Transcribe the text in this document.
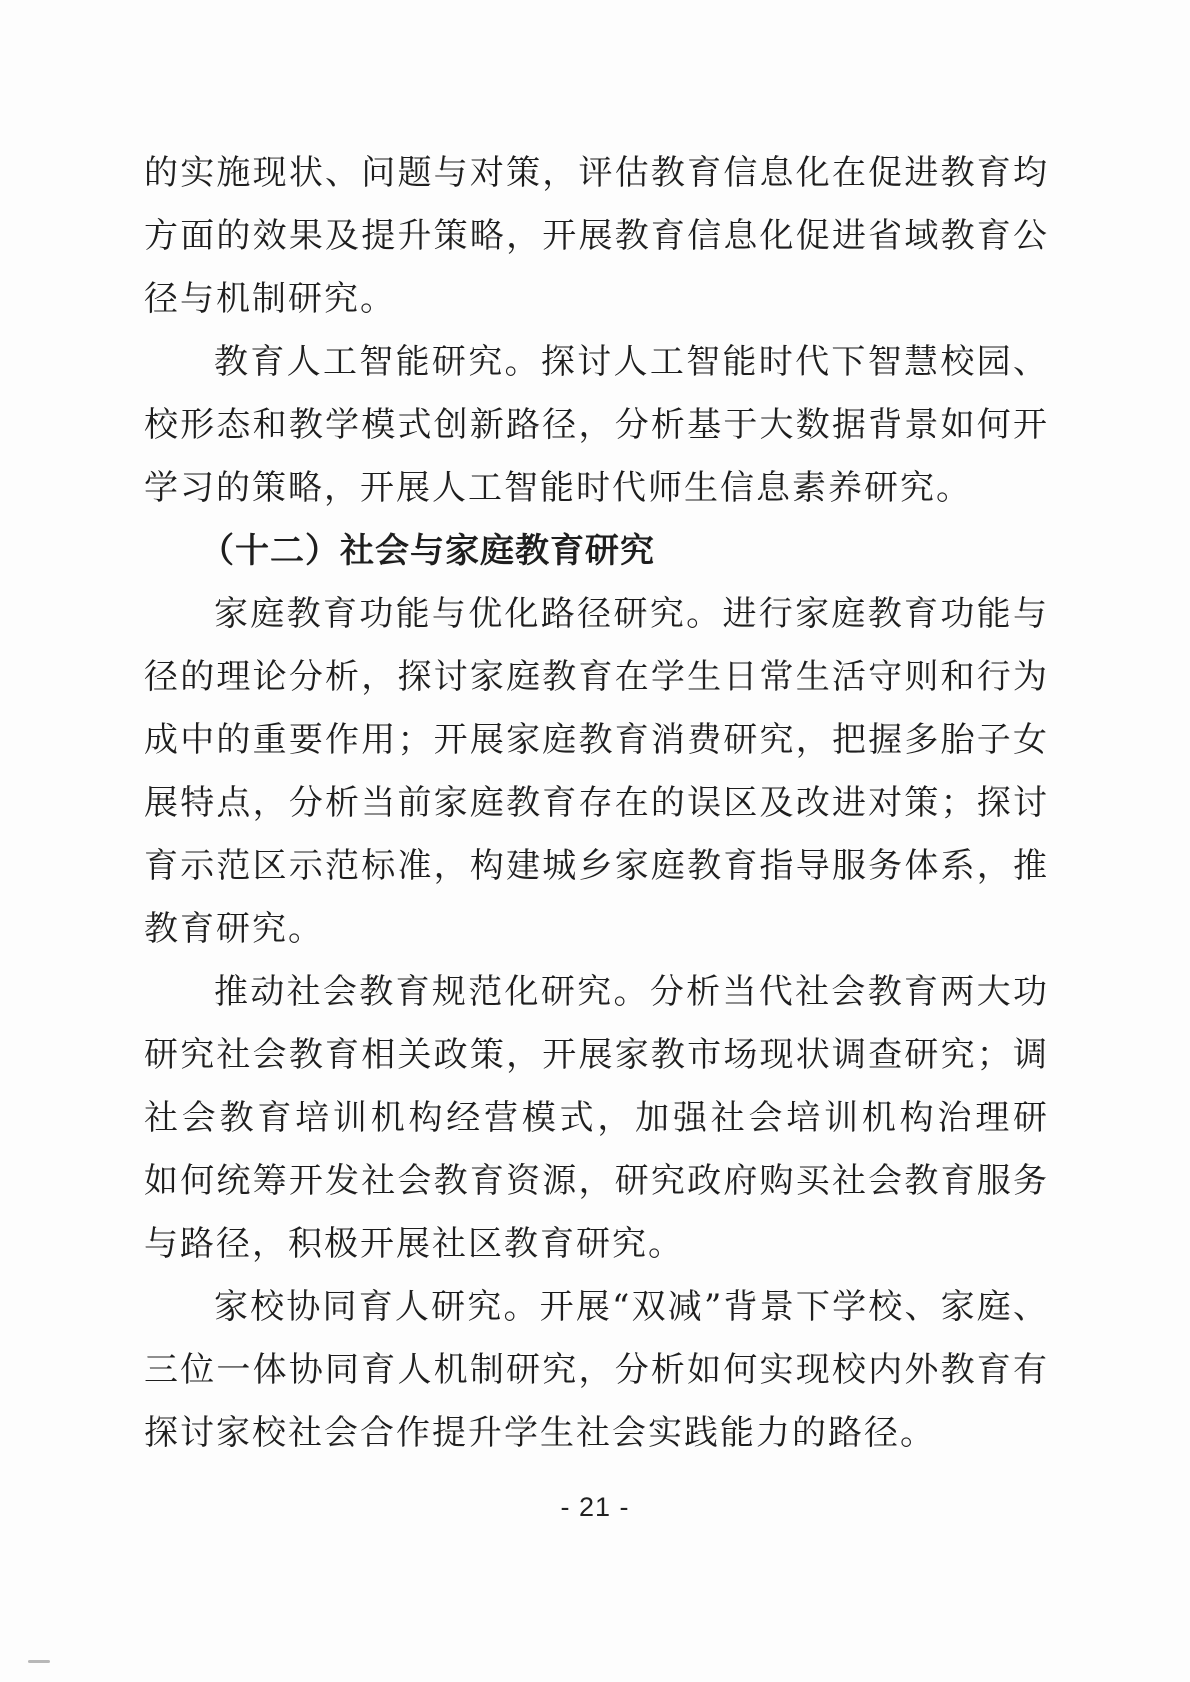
的实施现状、问题与对策，评估教育信息化在促进教育均
方面的效果及提升策略，开展教育信息化促进省域教育公
径与机制研究。
教育人工智能研究。探讨人工智能时代下智慧校园、
校形态和教学模式创新路径，分析基于大数据背景如何开
学习的策略，开展人工智能时代师生信息素养研究。
（十二）社会与家庭教育研究
家庭教育功能与优化路径研究。进行家庭教育功能与
径的理论分析，探讨家庭教育在学生日常生活守则和行为
成中的重要作用；开展家庭教育消费研究，把握多胎子女
展特点，分析当前家庭教育存在的误区及改进对策；探讨
育示范区示范标准，构建城乡家庭教育指导服务体系，推
教育研究。
推动社会教育规范化研究。分析当代社会教育两大功
研究社会教育相关政策，开展家教市场现状调查研究；调
社会教育培训机构经营模式，加强社会培训机构治理研
如何统筹开发社会教育资源，研究政府购买社会教育服务
与路径，积极开展社区教育研究。
家校协同育人研究。开展“双减”背景下学校、家庭、
三位一体协同育人机制研究，分析如何实现校内外教育有
探讨家校社会合作提升学生社会实践能力的路径。
- 21 -
